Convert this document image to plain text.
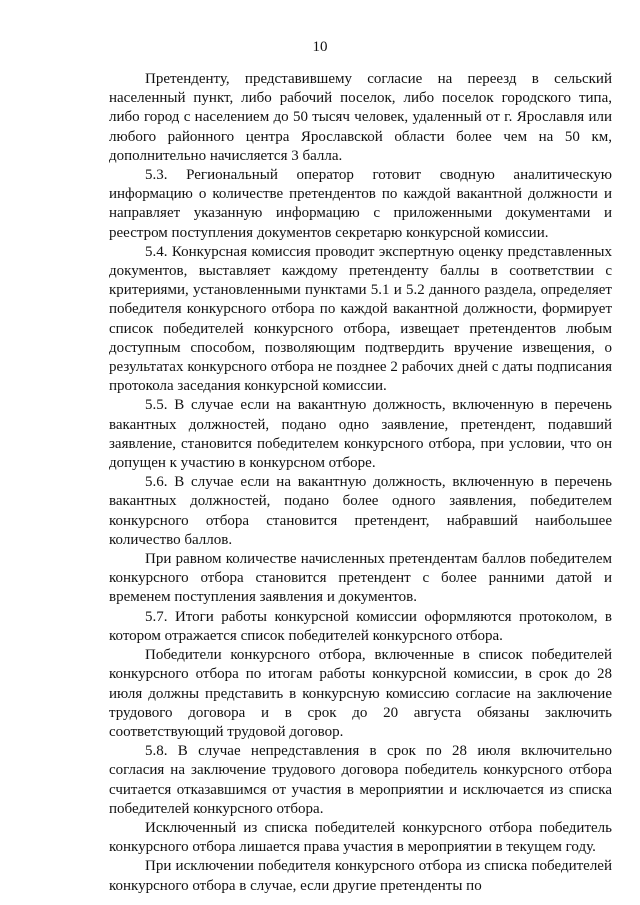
10

Претенденту, представившему согласие на переезд в сельский населенный пункт, либо рабочий поселок, либо поселок городского типа, либо город с населением до 50 тысяч человек, удаленный от г. Ярославля или любого районного центра Ярославской области более чем на 50 км, дополнительно начисляется 3 балла.

5.3. Региональный оператор готовит сводную аналитическую информацию о количестве претендентов по каждой вакантной должности и направляет указанную информацию с приложенными документами и реестром поступления документов секретарю конкурсной комиссии.

5.4. Конкурсная комиссия проводит экспертную оценку представленных документов, выставляет каждому претенденту баллы в соответствии с критериями, установленными пунктами 5.1 и 5.2 данного раздела, определяет победителя конкурсного отбора по каждой вакантной должности, формирует список победителей конкурсного отбора, извещает претендентов любым доступным способом, позволяющим подтвердить вручение извещения, о результатах конкурсного отбора не позднее 2 рабочих дней с даты подписания протокола заседания конкурсной комиссии.

5.5. В случае если на вакантную должность, включенную в перечень вакантных должностей, подано одно заявление, претендент, подавший заявление, становится победителем конкурсного отбора, при условии, что он допущен к участию в конкурсном отборе.

5.6. В случае если на вакантную должность, включенную в перечень вакантных должностей, подано более одного заявления, победителем конкурсного отбора становится претендент, набравший наибольшее количество баллов.

При равном количестве начисленных претендентам баллов победителем конкурсного отбора становится претендент с более ранними датой и временем поступления заявления и документов.

5.7. Итоги работы конкурсной комиссии оформляются протоколом, в котором отражается список победителей конкурсного отбора.

Победители конкурсного отбора, включенные в список победителей конкурсного отбора по итогам работы конкурсной комиссии, в срок до 28 июля должны представить в конкурсную комиссию согласие на заключение трудового договора и в срок до 20 августа обязаны заключить соответствующий трудовой договор.

5.8. В случае непредставления в срок по 28 июля включительно согласия на заключение трудового договора победитель конкурсного отбора считается отказавшимся от участия в мероприятии и исключается из списка победителей конкурсного отбора.

Исключенный из списка победителей конкурсного отбора победитель конкурсного отбора лишается права участия в мероприятии в текущем году.

При исключении победителя конкурсного отбора из списка победителей конкурсного отбора в случае, если другие претенденты по
